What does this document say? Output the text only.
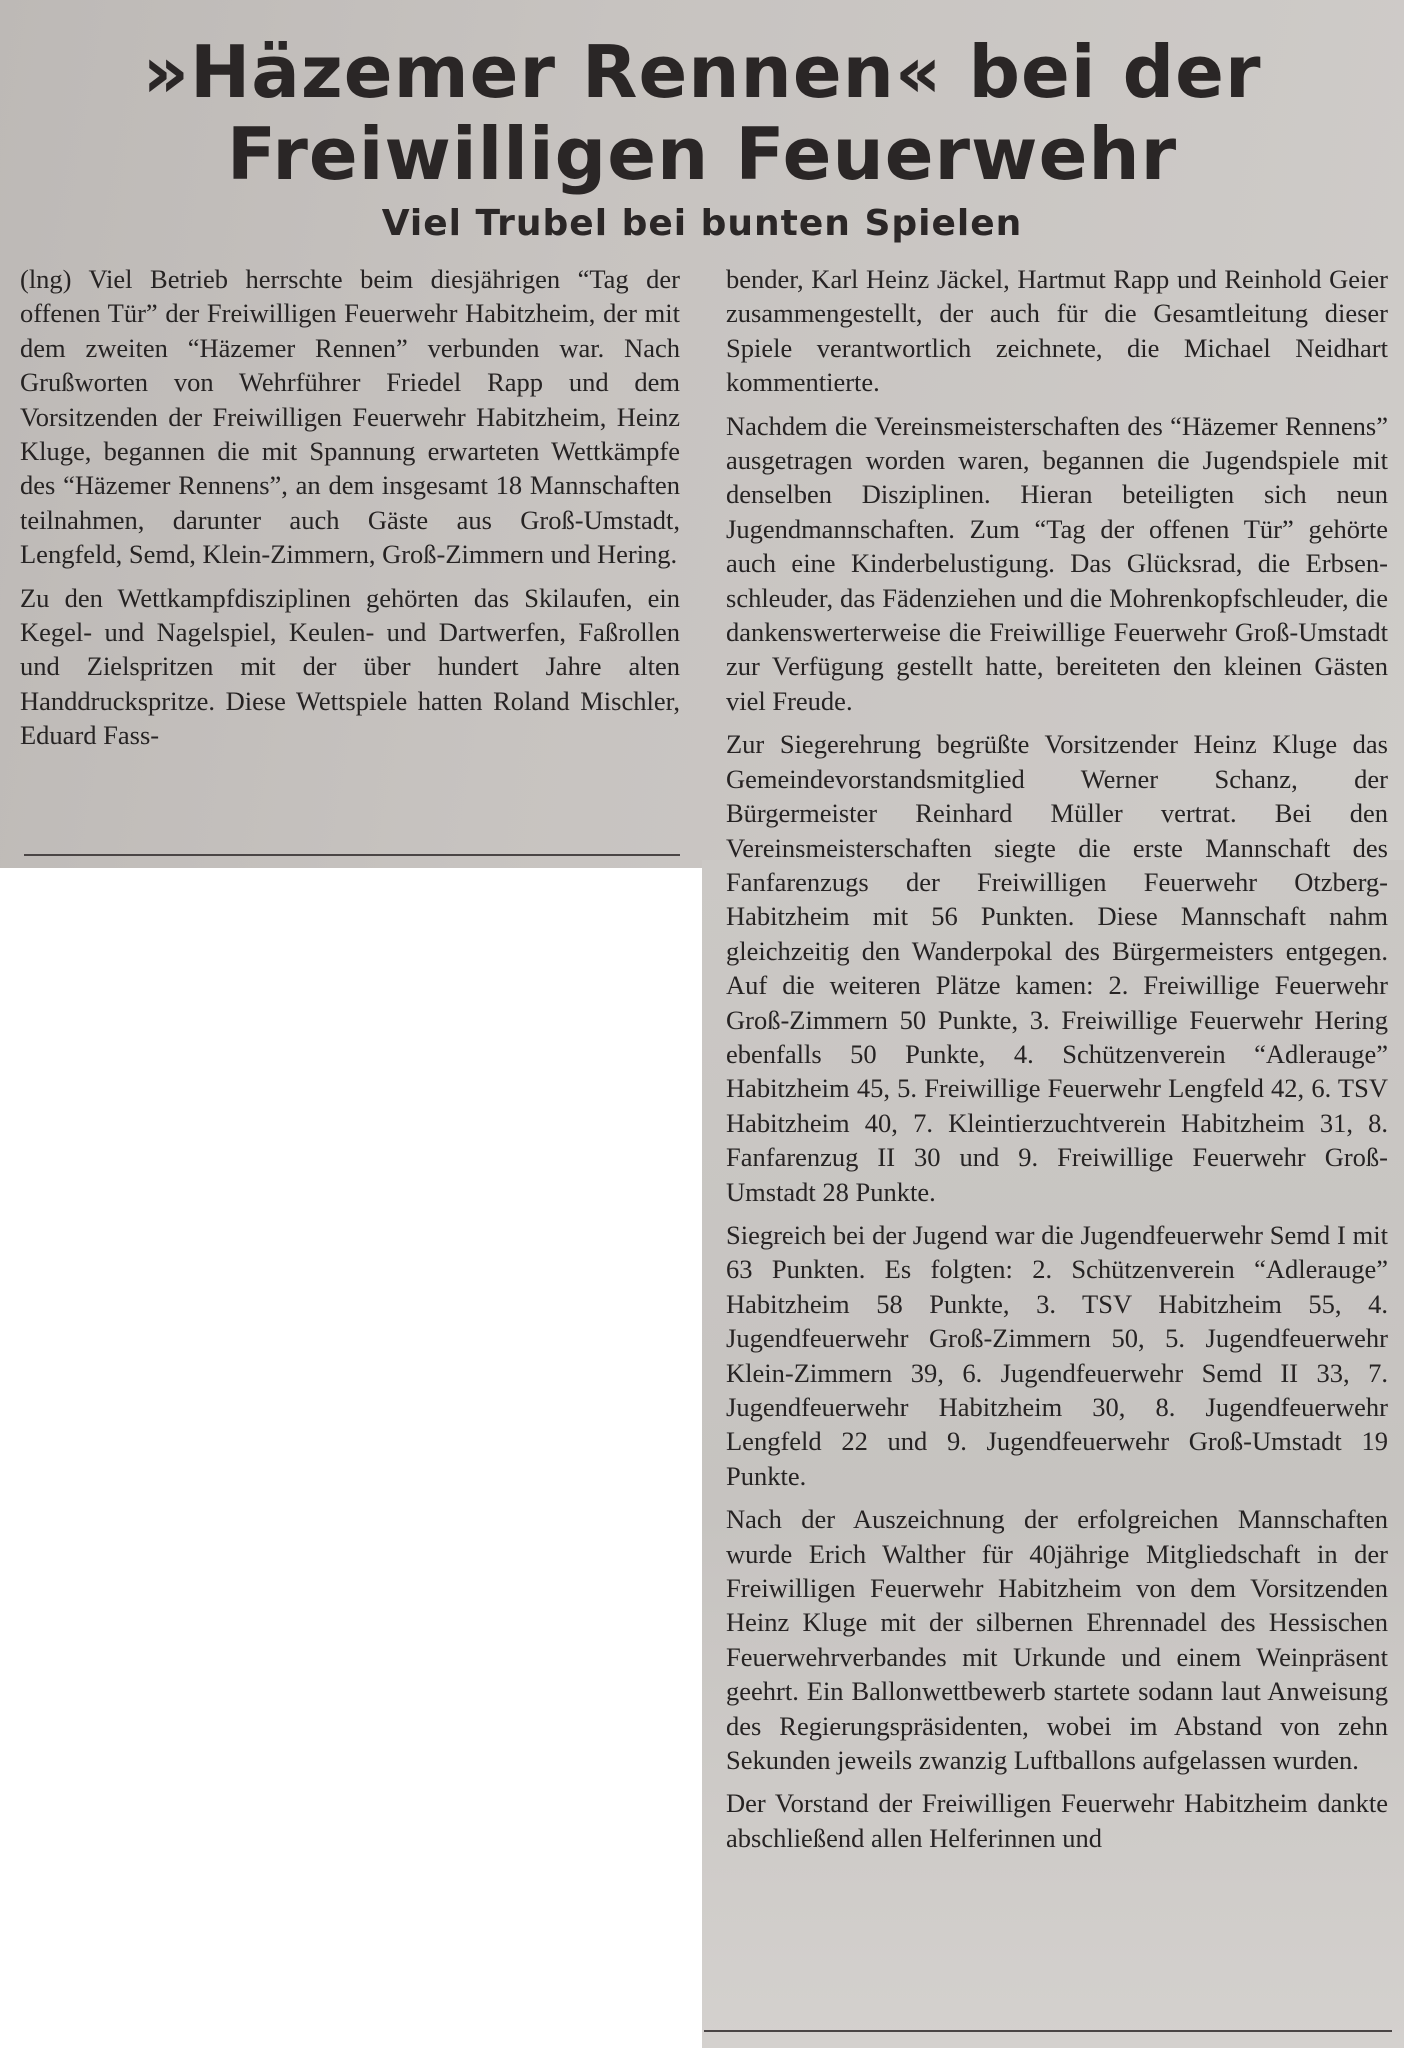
»Häzemer Rennen« bei der
Freiwilligen Feuerwehr
Viel Trubel bei bunten Spielen

(lng) Viel Betrieb herrschte beim diesjährigen “Tag der offenen Tür” der Freiwilligen Feuerwehr Habitzheim, der mit dem zweiten “Häzemer Rennen” verbunden war. Nach Grußworten von Wehrführer Friedel Rapp und dem Vorsitzenden der Freiwilligen Feuerwehr Habitzheim, Heinz Kluge, begannen die mit Spannung erwarteten Wettkämpfe des “Häzemer Rennens”, an dem insgesamt 18 Mannschaften teilnahmen, darunter auch Gäste aus Groß-Umstadt, Lengfeld, Semd, Klein-Zimmern, Groß-Zimmern und Hering.

Zu den Wettkampfdisziplinen gehörten das Skilaufen, ein Kegel- und Nagelspiel, Keulen- und Dartwerfen, Faßrollen und Zielspritzen mit der über hundert Jahre alten Handdruckspritze. Diese Wettspiele hatten Roland Mischler, Eduard Fass-

bender, Karl Heinz Jäckel, Hartmut Rapp und Reinhold Geier zusammengestellt, der auch für die Gesamtleitung dieser Spiele verantwortlich zeichnete, die Michael Neidhart kommentierte.

Nachdem die Vereinsmeisterschaften des “Häzemer Rennens” ausgetragen worden waren, begannen die Jugendspiele mit denselben Disziplinen. Hieran beteiligten sich neun Jugendmannschaften. Zum “Tag der offenen Tür” gehörte auch eine Kinderbelustigung. Das Glücksrad, die Erbsenschleuder, das Fädenziehen und die Mohrenkopfschleuder, die dankenswerterweise die Freiwillige Feuerwehr Groß-Umstadt zur Verfügung gestellt hatte, bereiteten den kleinen Gästen viel Freude.

Zur Siegerehrung begrüßte Vorsitzender Heinz Kluge das Gemeindevorstandsmitglied Werner Schanz, der Bürgermeister Reinhard Müller vertrat. Bei den Vereinsmeisterschaften siegte die erste Mannschaft des Fanfarenzugs der Freiwilligen Feuerwehr Otzberg-Habitzheim mit 56 Punkten. Diese Mannschaft nahm gleichzeitig den Wanderpokal des Bürgermeisters entgegen. Auf die weiteren Plätze kamen: 2. Freiwillige Feuerwehr Groß-Zimmern 50 Punkte, 3. Freiwillige Feuerwehr Hering ebenfalls 50 Punkte, 4. Schützenverein “Adlerauge” Habitzheim 45, 5. Freiwillige Feuerwehr Lengfeld 42, 6. TSV Habitzheim 40, 7. Kleintierzuchtverein Habitzheim 31, 8. Fanfarenzug II 30 und 9. Freiwillige Feuerwehr Groß-Umstadt 28 Punkte.

Siegreich bei der Jugend war die Jugendfeuerwehr Semd I mit 63 Punkten. Es folgten: 2. Schützenverein “Adlerauge” Habitzheim 58 Punkte, 3. TSV Habitzheim 55, 4. Jugendfeuerwehr Groß-Zimmern 50, 5. Jugendfeuerwehr Klein-Zimmern 39, 6. Jugendfeuerwehr Semd II 33, 7. Jugendfeuerwehr Habitzheim 30, 8. Jugendfeuerwehr Lengfeld 22 und 9. Jugendfeuerwehr Groß-Umstadt 19 Punkte.

Nach der Auszeichnung der erfolgreichen Mannschaften wurde Erich Walther für 40jährige Mitgliedschaft in der Freiwilligen Feuerwehr Habitzheim von dem Vorsitzenden Heinz Kluge mit der silbernen Ehrennadel des Hessischen Feuerwehrverbandes mit Urkunde und einem Weinpräsent geehrt. Ein Ballonwettbewerb startete sodann laut Anweisung des Regierungspräsidenten, wobei im Abstand von zehn Sekunden jeweils zwanzig Luftballons aufgelassen wurden.

Der Vorstand der Freiwilligen Feuerwehr Habitzheim dankte abschließend allen Helferinnen und
